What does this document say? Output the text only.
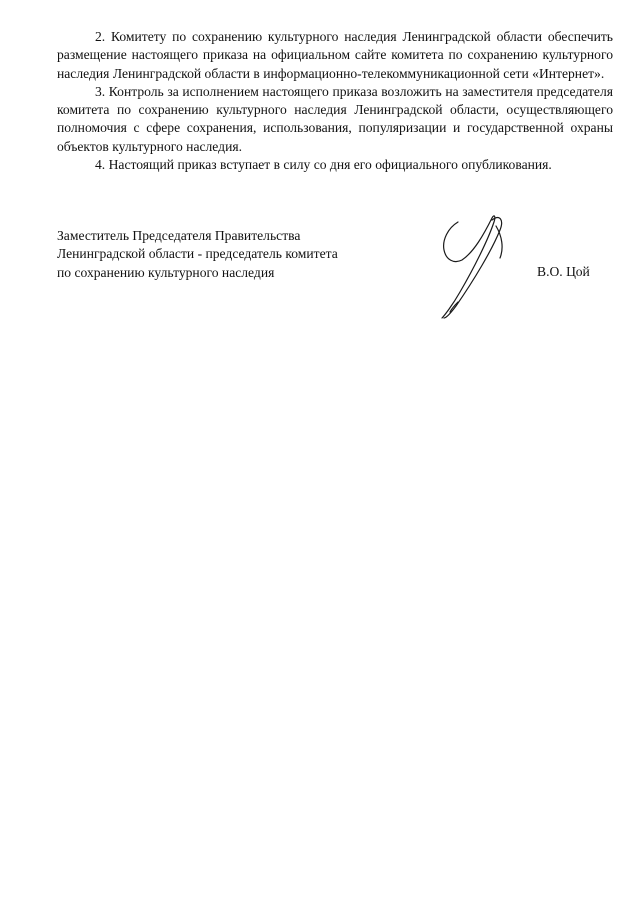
2. Комитету по сохранению культурного наследия Ленинградской области обеспечить размещение настоящего приказа на официальном сайте комитета по сохранению культурного наследия Ленинградской области в информационно-телекоммуникационной сети «Интернет».

3. Контроль за исполнением настоящего приказа возложить на заместителя председателя комитета по сохранению культурного наследия Ленинградской области, осуществляющего полномочия с сфере сохранения, использования, популяризации и государственной охраны объектов культурного наследия.

4. Настоящий приказ вступает в силу со дня его официального опубликования.

Заместитель Председателя Правительства
Ленинградской области - председатель комитета
по сохранению культурного наследия	В.О. Цой
